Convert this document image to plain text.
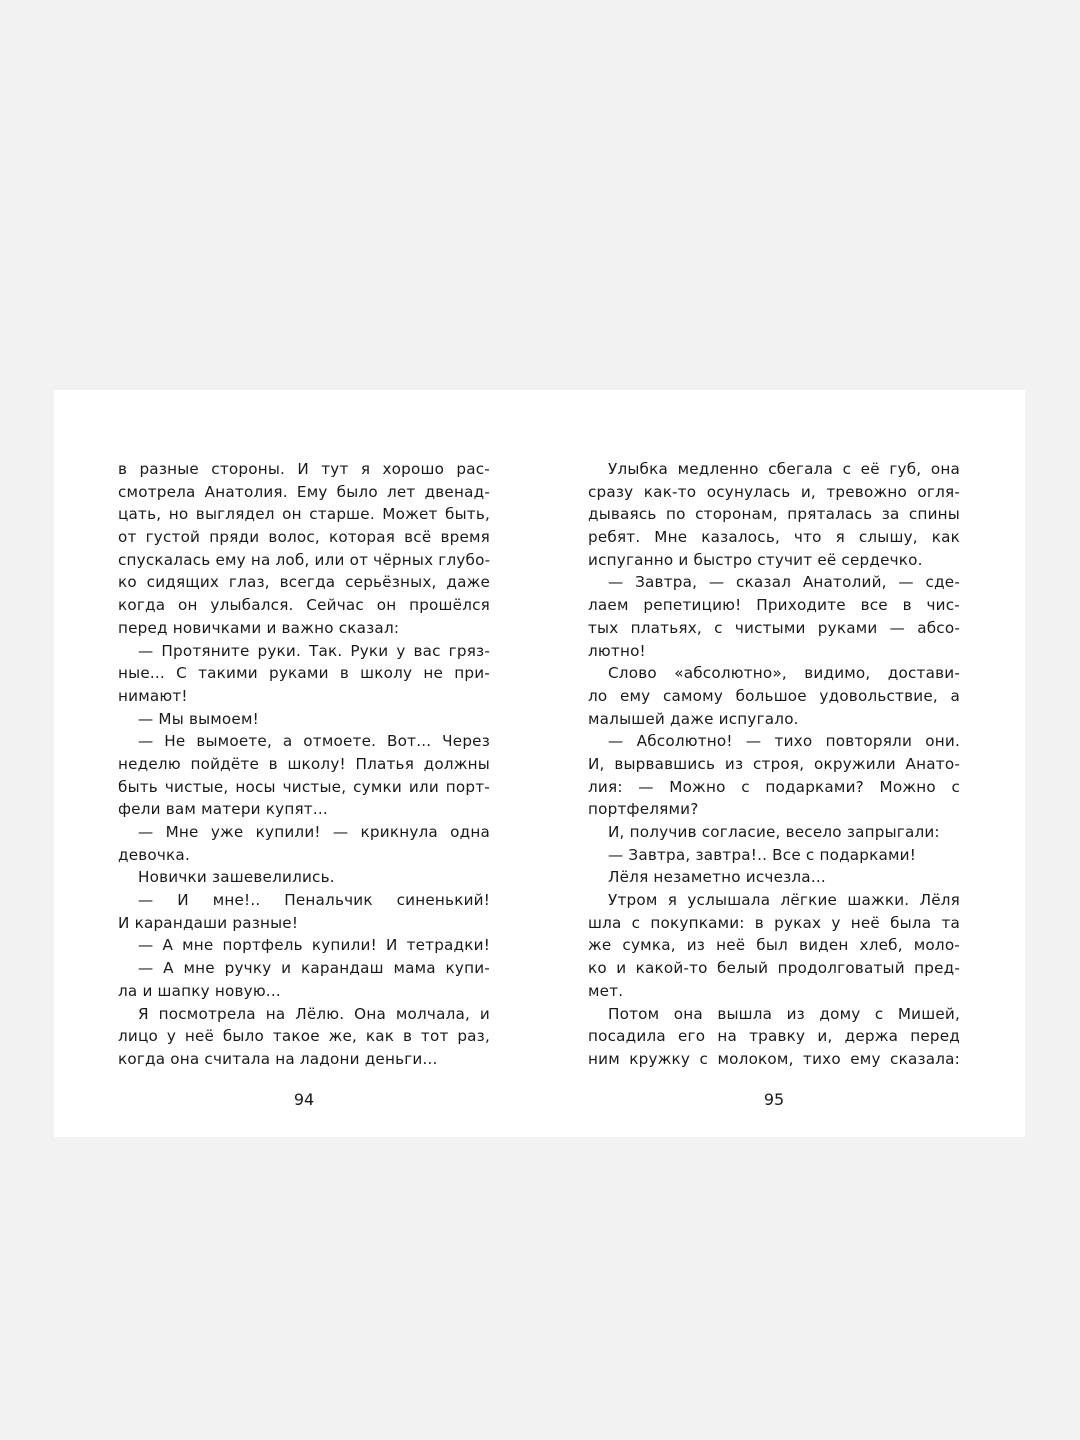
в разные стороны. И тут я хорошо рас-
смотрела Анатолия. Ему было лет двенад-
цать, но выглядел он старше. Может быть,
от густой пряди волос, которая всё время
спускалась ему на лоб, или от чёрных глубо-
ко сидящих глаз, всегда серьёзных, даже
когда он улыбался. Сейчас он прошёлся
перед новичками и важно сказал:
— Протяните руки. Так. Руки у вас гряз-
ные... С такими руками в школу не при-
нимают!
— Мы вымоем!
— Не вымоете, а отмоете. Вот... Через
неделю пойдёте в школу! Платья должны
быть чистые, носы чистые, сумки или порт-
фели вам матери купят...
— Мне уже купили! — крикнула одна
девочка.
Новички зашевелились.
— И мне!.. Пенальчик синенький!
И карандаши разные!
— А мне портфель купили! И тетрадки!
— А мне ручку и карандаш мама купи-
ла и шапку новую...
Я посмотрела на Лёлю. Она молчала, и
лицо у неё было такое же, как в тот раз,
когда она считала на ладони деньги...
Улыбка медленно сбегала с её губ, она
сразу как-то осунулась и, тревожно огля-
дываясь по сторонам, пряталась за спины
ребят. Мне казалось, что я слышу, как
испуганно и быстро стучит её сердечко.
— Завтра, — сказал Анатолий, — сде-
лаем репетицию! Приходите все в чис-
тых платьях, с чистыми руками — абсо-
лютно!
Слово «абсолютно», видимо, достави-
ло ему самому большое удовольствие, а
малышей даже испугало.
— Абсолютно! — тихо повторяли они.
И, вырвавшись из строя, окружили Анато-
лия: — Можно с подарками? Можно с
портфелями?
И, получив согласие, весело запрыгали:
— Завтра, завтра!.. Все с подарками!
Лёля незаметно исчезла...
Утром я услышала лёгкие шажки. Лёля
шла с покупками: в руках у неё была та
же сумка, из неё был виден хлеб, моло-
ко и какой-то белый продолговатый пред-
мет.
Потом она вышла из дому с Мишей,
посадила его на травку и, держа перед
ним кружку с молоком, тихо ему сказала:
94	95
